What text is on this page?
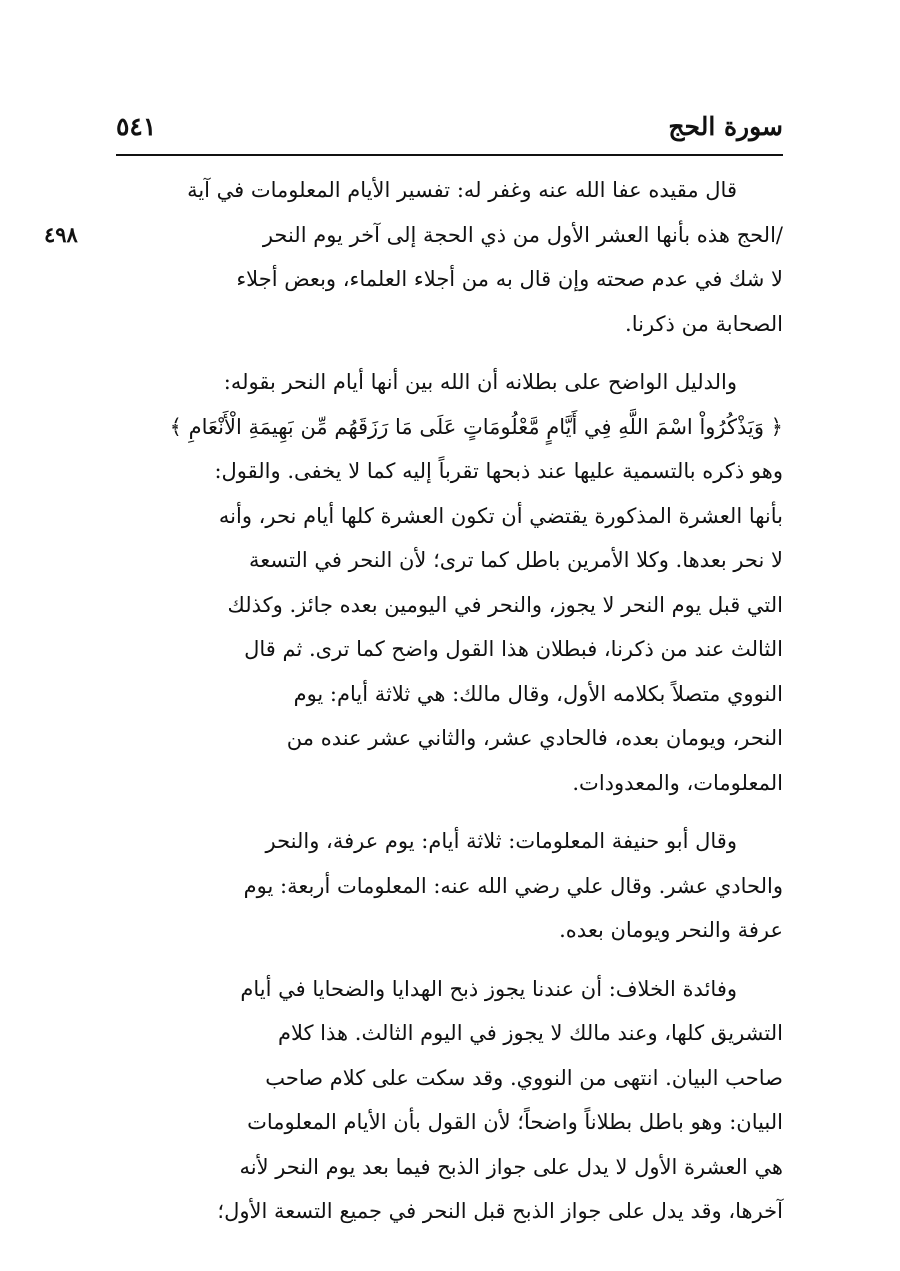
سورة الحج
٥٤١
٤٩٨

قال مقيده عفا الله عنه وغفر له: تفسير الأيام المعلومات في آية
/الحج هذه بأنها العشر الأول من ذي الحجة إلى آخر يوم النحر
لا شك في عدم صحته وإن قال به من أجلاء العلماء، وبعض أجلاء
الصحابة من ذكرنا.

والدليل الواضح على بطلانه أن الله بين أنها أيام النحر بقوله:
﴿ وَيَذْكُرُواْ اسْمَ اللَّهِ فِي أَيَّامٍ مَّعْلُومَاتٍ عَلَى مَا رَزَقَهُم مِّن بَهِيمَةِ الْأَنْعَامِ ﴾
وهو ذكره بالتسمية عليها عند ذبحها تقرباً إليه كما لا يخفى. والقول:
بأنها العشرة المذكورة يقتضي أن تكون العشرة كلها أيام نحر، وأنه
لا نحر بعدها. وكلا الأمرين باطل كما ترى؛ لأن النحر في التسعة
التي قبل يوم النحر لا يجوز، والنحر في اليومين بعده جائز. وكذلك
الثالث عند من ذكرنا، فبطلان هذا القول واضح كما ترى. ثم قال
النووي متصلاً بكلامه الأول، وقال مالك: هي ثلاثة أيام: يوم
النحر، ويومان بعده، فالحادي عشر، والثاني عشر عنده من
المعلومات، والمعدودات.

وقال أبو حنيفة المعلومات: ثلاثة أيام: يوم عرفة، والنحر
والحادي عشر. وقال علي رضي الله عنه: المعلومات أربعة: يوم
عرفة والنحر ويومان بعده.

وفائدة الخلاف: أن عندنا يجوز ذبح الهدايا والضحايا في أيام
التشريق كلها، وعند مالك لا يجوز في اليوم الثالث. هذا كلام
صاحب البيان. انتهى من النووي. وقد سكت على كلام صاحب
البيان: وهو باطل بطلاناً واضحاً؛ لأن القول بأن الأيام المعلومات
هي العشرة الأول لا يدل على جواز الذبح فيما بعد يوم النحر لأنه
آخرها، وقد يدل على جواز الذبح قبل النحر في جميع التسعة الأول؛
